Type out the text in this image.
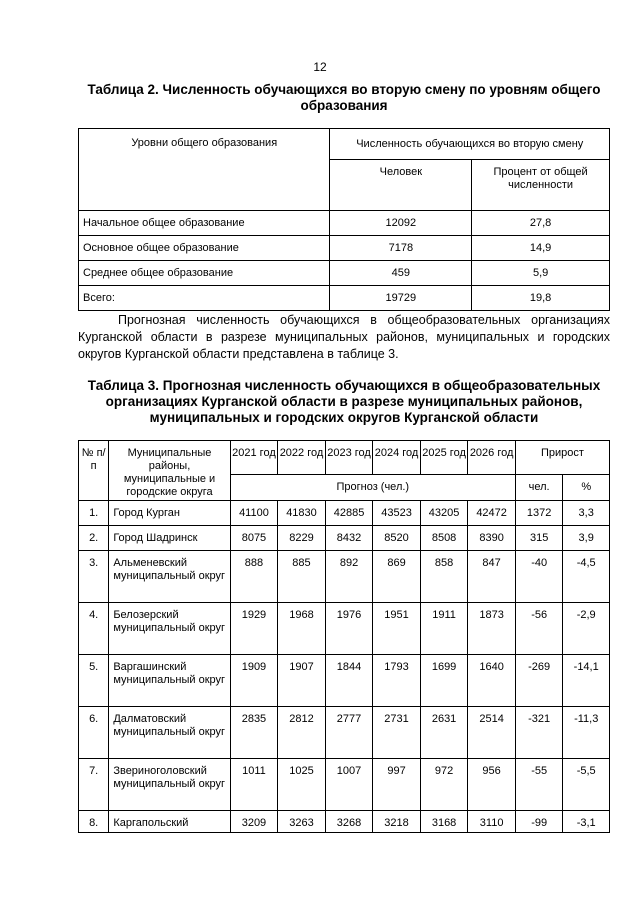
12
Таблица 2. Численность обучающихся во вторую смену по уровням общего образования
Уровни общего образования	Численность обучающихся во вторую смену	
	Человек	Процент от общей численности
Начальное общее образование	12092	27,8
Основное общее образование	7178	14,9
Среднее общее образование	459	5,9
Всего:	19729	19,8
Прогнозная численность обучающихся в общеобразовательных организациях Курганской области в разрезе муниципальных районов, муниципальных и городских округов Курганской области представлена в таблице 3.
Таблица 3. Прогнозная численность обучающихся в общеобразовательных организациях Курганской области в разрезе муниципальных районов, муниципальных и городских округов Курганской области
№ п/п	Муниципальные районы, муниципальные и городские округа	2021 год	2022 год	2023 год	2024 год	2025 год	2026 год	Прирост	
		Прогноз (чел.)						чел.	%
1.	Город Курган	41100	41830	42885	43523	43205	42472	1372	3,3
2.	Город Шадринск	8075	8229	8432	8520	8508	8390	315	3,9
3.	Альменевский муниципальный округ	888	885	892	869	858	847	-40	-4,5
4.	Белозерский муниципальный округ	1929	1968	1976	1951	1911	1873	-56	-2,9
5.	Варгашинский муниципальный округ	1909	1907	1844	1793	1699	1640	-269	-14,1
6.	Далматовский муниципальный округ	2835	2812	2777	2731	2631	2514	-321	-11,3
7.	Звериноголовский муниципальный округ	1011	1025	1007	997	972	956	-55	-5,5
8.	Каргапольский	3209	3263	3268	3218	3168	3110	-99	-3,1
